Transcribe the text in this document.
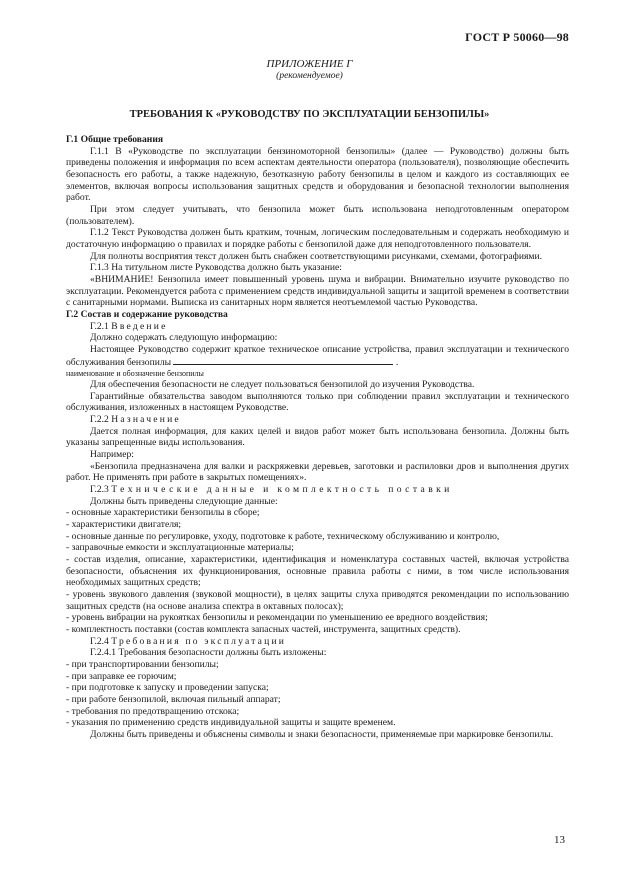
ГОСТ Р 50060—98
ПРИЛОЖЕНИЕ Г
(рекомендуемое)
ТРЕБОВАНИЯ К «РУКОВОДСТВУ ПО ЭКСПЛУАТАЦИИ БЕНЗОПИЛЫ»

Г.1 Общие требования

Г.1.1 В «Руководстве по эксплуатации бензиномоторной бензопилы» (далее — Руководство) должны быть приведены положения и информация по всем аспектам деятельности оператора (пользователя), позволяющие обеспечить безопасность его работы, а также надежную, безотказную работу бензопилы в целом и каждого из составляющих ее элементов, включая вопросы использования защитных средств и оборудования и безопасной технологии выполнения работ.

При этом следует учитывать, что бензопила может быть использована неподготовленным оператором (пользователем).

Г.1.2 Текст Руководства должен быть кратким, точным, логическим последовательным и содержать необходимую и достаточную информацию о правилах и порядке работы с бензопилой даже для неподготовленного пользователя.

Для полноты восприятия текст должен быть снабжен соответствующими рисунками, схемами, фотографиями.

Г.1.3 На титульном листе Руководства должно быть указание:

«ВНИМАНИЕ! Бензопила имеет повышенный уровень шума и вибрации. Внимательно изучите руководство по эксплуатации. Рекомендуется работа с применением средств индивидуальной защиты и защитой временем в соответствии с санитарными нормами. Выписка из санитарных норм является неотъемлемой частью Руководства.

Г.2 Состав и содержание руководства

Г.2.1 Введение

Должно содержать следующую информацию:

Настоящее Руководство содержит краткое техническое описание устройства, правил эксплуатации и технического обслуживания бензопилы	.

наименование и обозначение бензопилы

Для обеспечения безопасности не следует пользоваться бензопилой до изучения Руководства.

Гарантийные обязательства заводом выполняются только при соблюдении правил эксплуатации и технического обслуживания, изложенных в настоящем Руководстве.

Г.2.2 Назначение

Дается полная информация, для каких целей и видов работ может быть использована бензопила. Должны быть указаны запрещенные виды использования.

Например:

«Бензопила предназначена для валки и раскряжевки деревьев, заготовки и распиловки дров и выполнения других работ. Не применять при работе в закрытых помещениях».

Г.2.3 Технические данные и комплектность поставки

Должны быть приведены следующие данные:

- основные характеристики бензопилы в сборе;

- характеристики двигателя;

- основные данные по регулировке, уходу, подготовке к работе, техническому обслуживанию и контролю,

- заправочные емкости и эксплуатационные материалы;

- состав изделия, описание, характеристики, идентификация и номенклатура составных частей, включая устройства безопасности, объяснения их функционирования, основные правила работы с ними, в том числе использования необходимых защитных средств;

- уровень звукового давления (звуковой мощности), в целях защиты слуха приводятся рекомендации по использованию защитных средств (на основе анализа спектра в октавных полосах);

- уровень вибрации на рукоятках бензопилы и рекомендации по уменьшению ее вредного воздействия;

- комплектность поставки (состав комплекта запасных частей, инструмента, защитных средств).

Г.2.4 Требования по эксплуатации

Г.2.4.1 Требования безопасности должны быть изложены:

- при транспортировании бензопилы;

- при заправке ее горючим;

- при подготовке к запуску и проведении запуска;

- при работе бензопилой, включая пильный аппарат;

- требования по предотвращению отскока;

- указания по применению средств индивидуальной защиты и защите временем.

Должны быть приведены и объяснены символы и знаки безопасности, применяемые при маркировке бензопилы.

13
